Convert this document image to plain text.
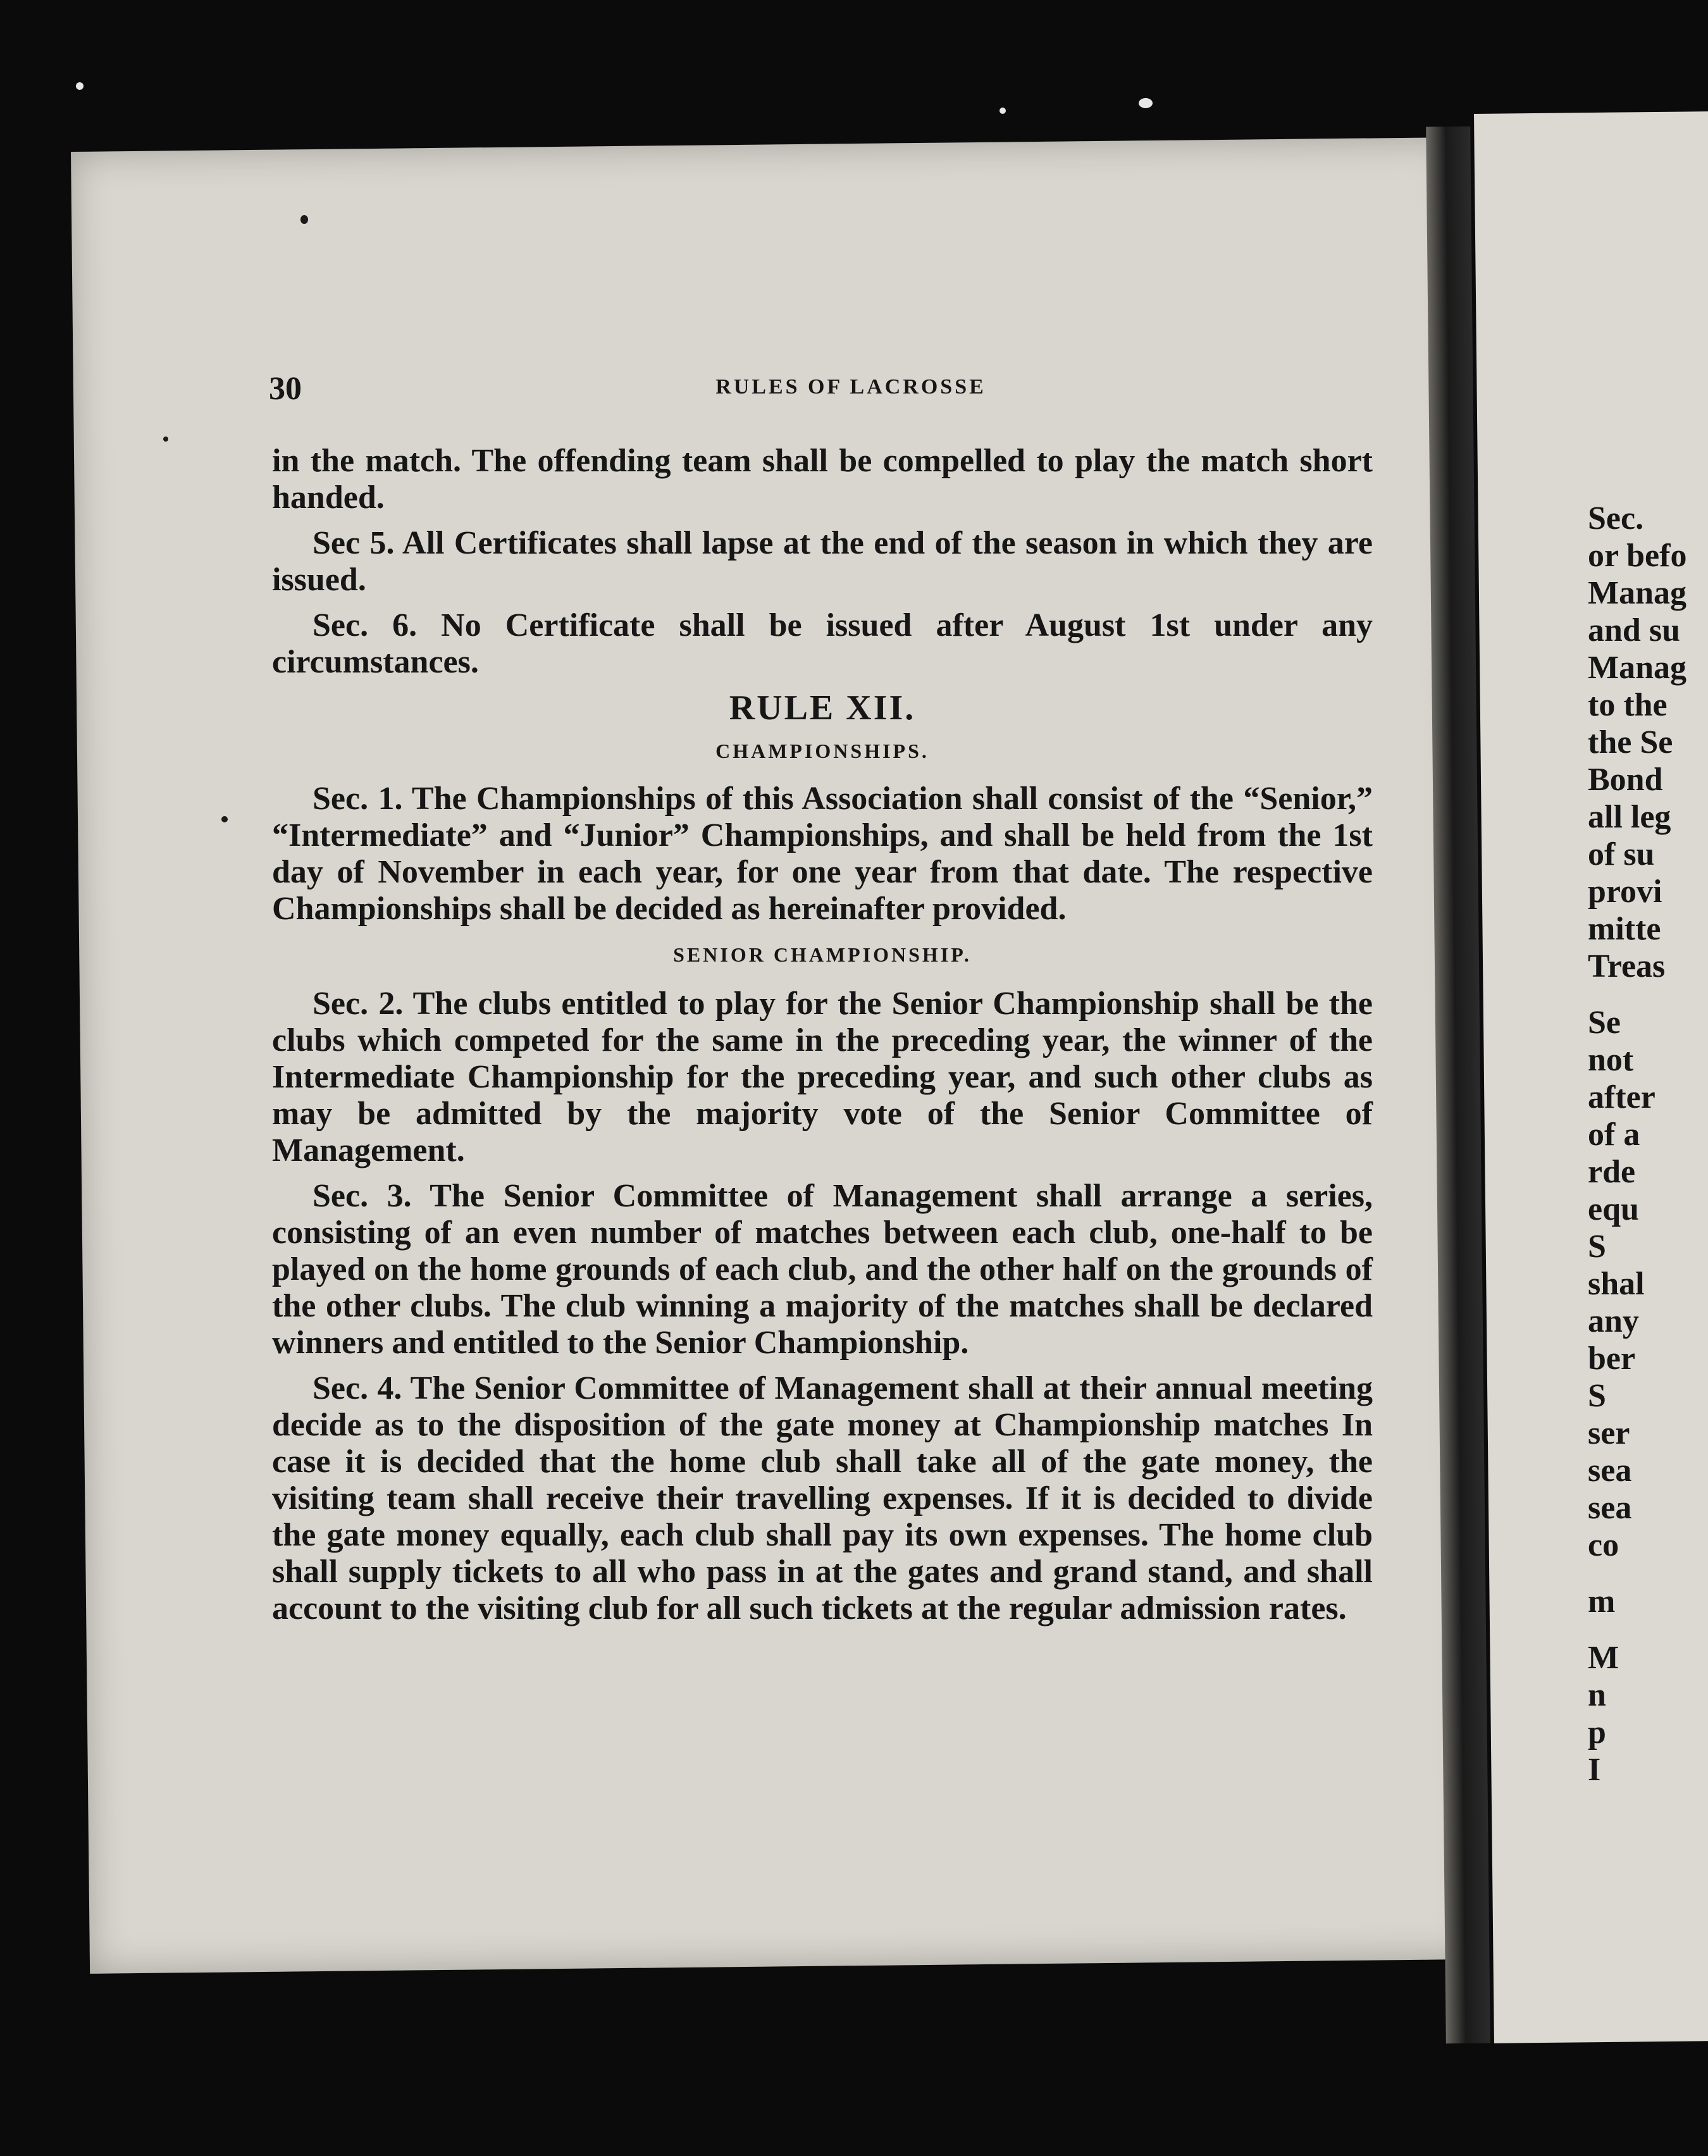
30	RULES OF LACROSSE

in the match. The offending team shall be compelled to play the match short handed.

Sec 5. All Certificates shall lapse at the end of the season in which they are issued.

Sec. 6. No Certificate shall be issued after August 1st under any circumstances.

RULE XII.
CHAMPIONSHIPS.

Sec. 1. The Championships of this Association shall consist of the “Senior,” “Intermediate” and “Junior” Championships, and shall be held from the 1st day of November in each year, for one year from that date. The respective Championships shall be decided as hereinafter provided.

SENIOR CHAMPIONSHIP.

Sec. 2. The clubs entitled to play for the Senior Championship shall be the clubs which competed for the same in the preceding year, the winner of the Intermediate Championship for the preceding year, and such other clubs as may be admitted by the majority vote of the Senior Committee of Management.

Sec. 3. The Senior Committee of Management shall arrange a series, consisting of an even number of matches between each club, one-half to be played on the home grounds of each club, and the other half on the grounds of the other clubs. The club winning a majority of the matches shall be declared winners and entitled to the Senior Championship.

Sec. 4. The Senior Committee of Management shall at their annual meeting decide as to the disposition of the gate money at Championship matches In case it is decided that the home club shall take all of the gate money, the visiting team shall receive their travelling expenses. If it is decided to divide the gate money equally, each club shall pay its own expenses. The home club shall supply tickets to all who pass in at the gates and grand stand, and shall account to the visiting club for all such tickets at the regular admission rates.

Sec.
or befo
Manag
and su
Manag
to the
the Se
Bond
all leg
of su
provi
mitte
Treas
Se
not
after
of a
rde
equ
S
shal
any
ber
S
ser
sea
sea
co
m
M
n
p
I
